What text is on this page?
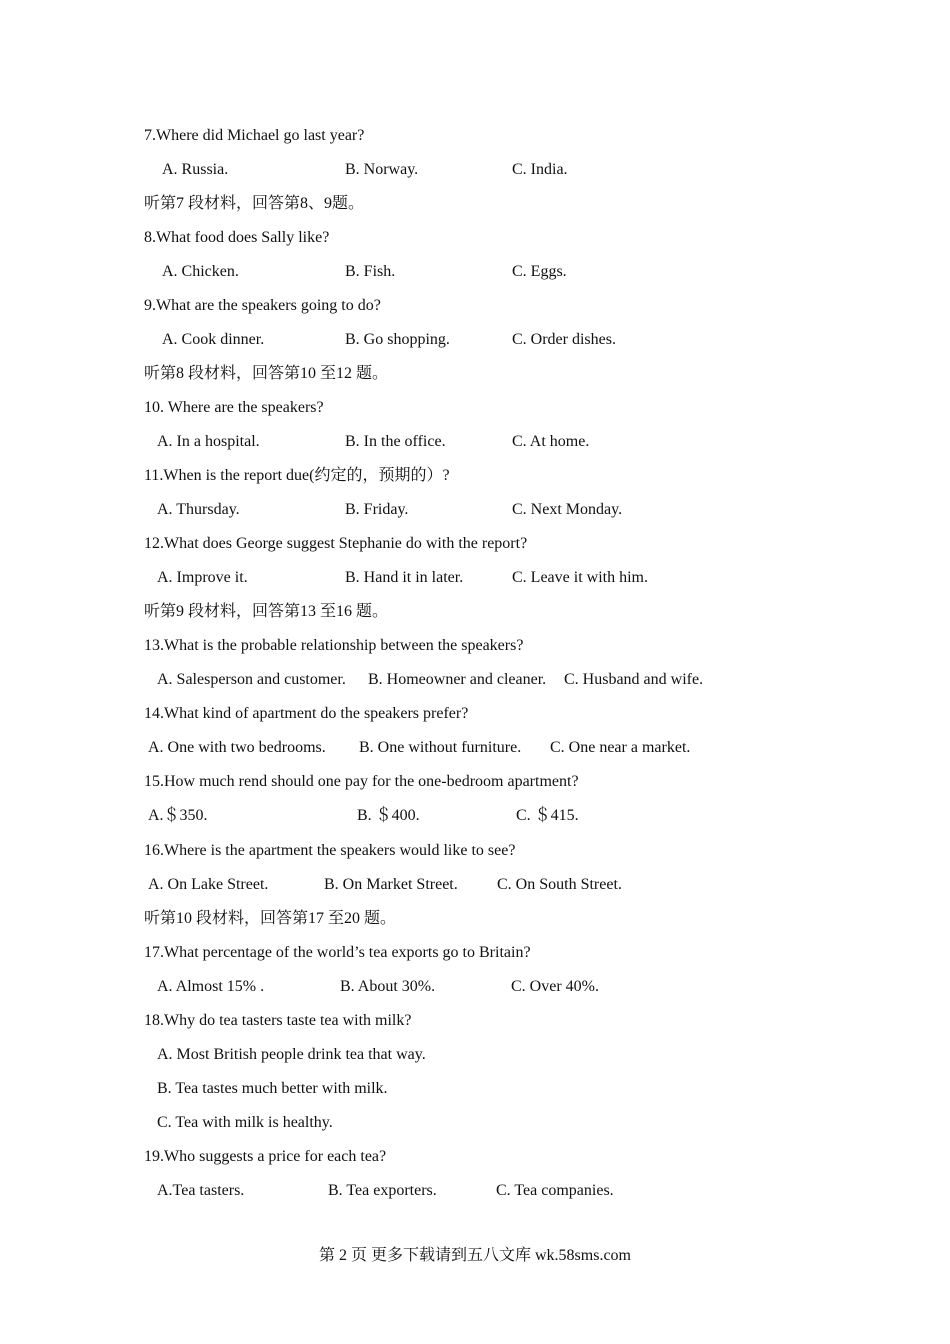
7.Where did Michael go last year?
A. Russia.	B. Norway.	C. India.
听第7 段材料，回答第8、9题。
8.What food does Sally like?
A. Chicken.	B. Fish.	C. Eggs.
9.What are the speakers going to do?
A. Cook dinner.	B. Go shopping.	C. Order dishes.
听第8 段材料，回答第10 至12 题。
10. Where are the speakers?
A. In a hospital.	B. In the office.	C. At home.
11.When is the report due(约定的，预期的）?
A. Thursday.	B. Friday.	C. Next Monday.
12.What does George suggest Stephanie do with the report?
A. Improve it.	B. Hand it in later.	C. Leave it with him.
听第9 段材料，回答第13 至16 题。
13.What is the probable relationship between the speakers?
A. Salesperson and customer. B. Homeowner and cleaner. C. Husband and wife.
14.What kind of apartment do the speakers prefer?
A. One with two bedrooms. B. One without furniture. C. One near a market.
15.How much rend should one pay for the one-bedroom apartment?
A.＄350.	B. ＄400.	C. ＄415.
16.Where is the apartment the speakers would like to see?
A. On Lake Street.	B. On Market Street. C. On South Street.
听第10 段材料，回答第17 至20 题。
17.What percentage of the world’s tea exports go to Britain?
A. Almost 15% .	B. About 30%.	C. Over 40%.
18.Why do tea tasters taste tea with milk?
A. Most British people drink tea that way.
B. Tea tastes much better with milk.
C. Tea with milk is healthy.
19.Who suggests a price for each tea?
A.Tea tasters.	B. Tea exporters.	C. Tea companies.
第 2 页 更多下载请到五八文库 wk.58sms.com
